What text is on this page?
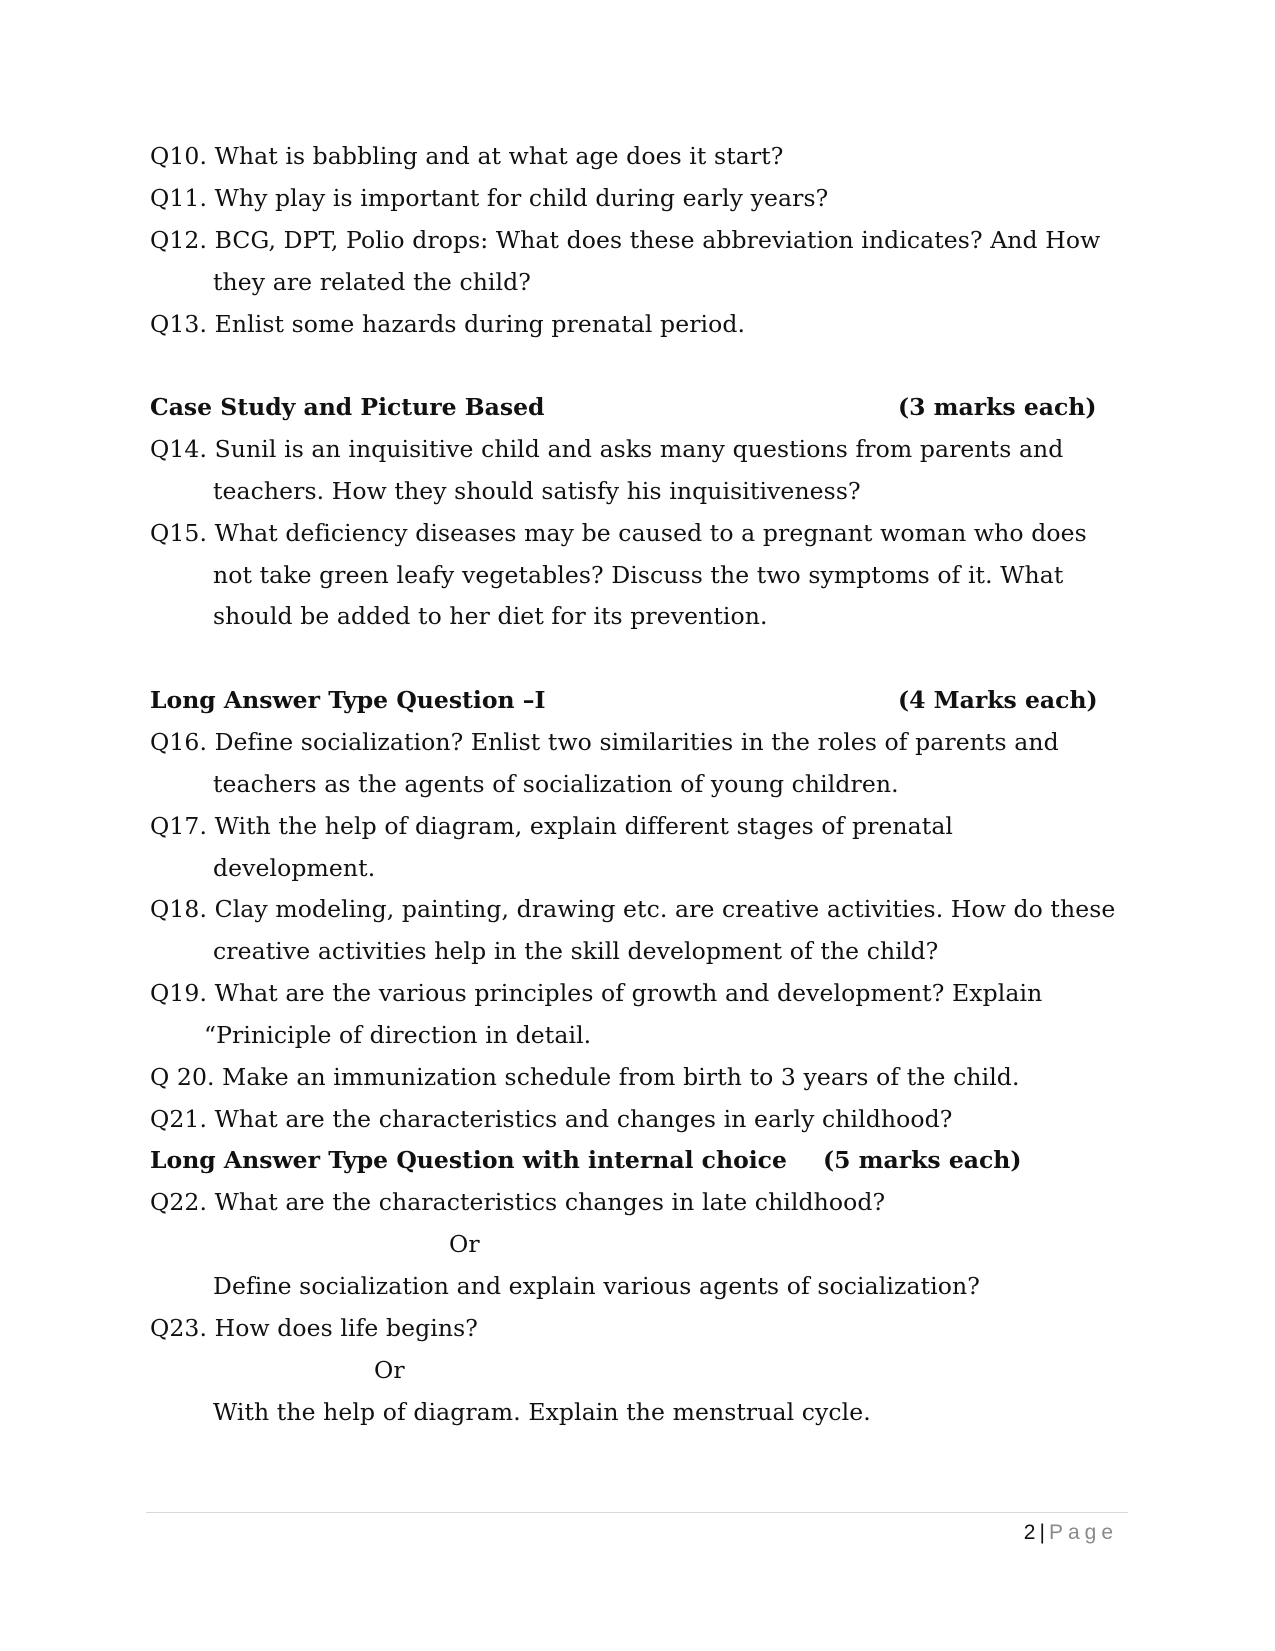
Q10. What is babbling and at what age does it start?
Q11. Why play is important for child during early years?
Q12. BCG, DPT, Polio drops: What does these abbreviation indicates? And How
they are related the child?
Q13. Enlist some hazards during prenatal period.
Case Study and Picture Based	(3 marks each)
Q14. Sunil is an inquisitive child and asks many questions from parents and
teachers. How they should satisfy his inquisitiveness?
Q15. What deficiency diseases may be caused to a pregnant woman who does
not take green leafy vegetables? Discuss the two symptoms of it. What
should be added to her diet for its prevention.
Long Answer Type Question –I	(4 Marks each)
Q16. Define socialization? Enlist two similarities in the roles of parents and
teachers as the agents of socialization of young children.
Q17. With the help of diagram, explain different stages of prenatal
development.
Q18. Clay modeling, painting, drawing etc. are creative activities. How do these
creative activities help in the skill development of the child?
Q19. What are the various principles of growth and development? Explain
“Priniciple of direction in detail.
Q 20. Make an immunization schedule from birth to 3 years of the child.
Q21. What are the characteristics and changes in early childhood?
Long Answer Type Question with internal choice (5 marks each)
Q22. What are the characteristics changes in late childhood?
Or
Define socialization and explain various agents of socialization?
Q23. How does life begins?
Or
With the help of diagram. Explain the menstrual cycle.
2 | Page
